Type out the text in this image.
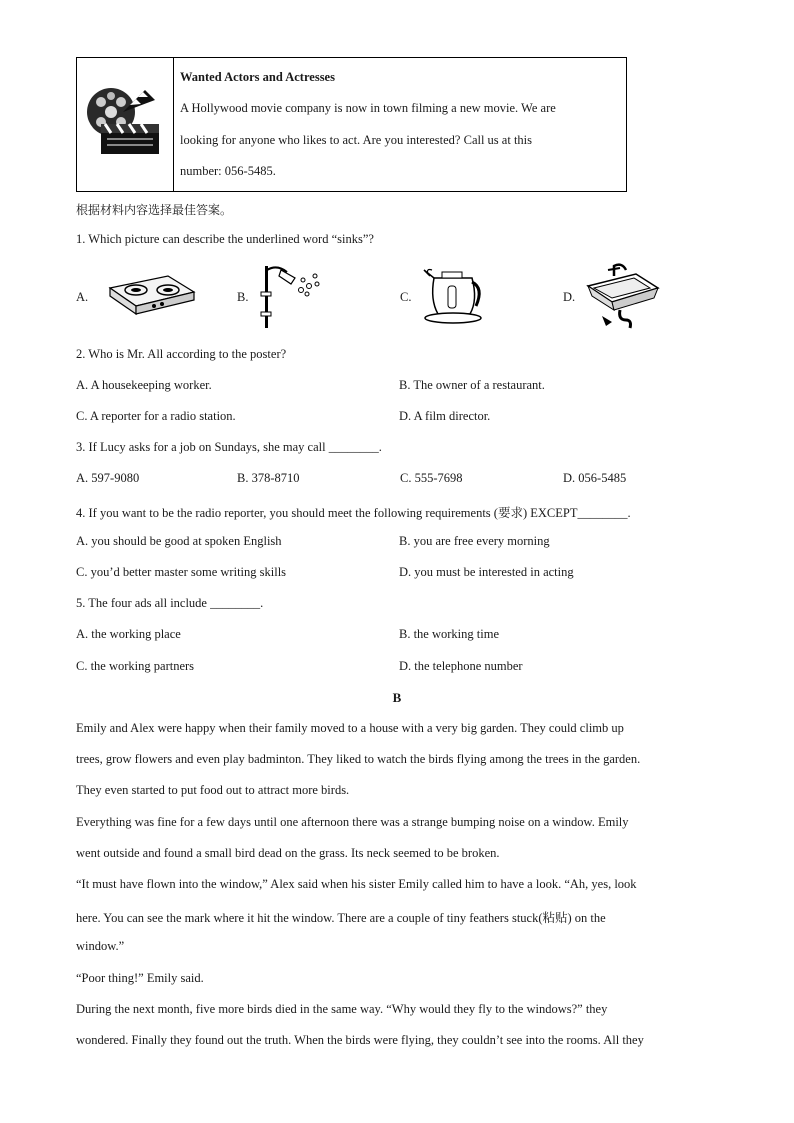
Wanted Actors and Actresses
A Hollywood movie company is now in town filming a new movie. We are
looking for anyone who likes to act. Are you interested? Call us at this
number: 056-5485.
根据材料内容选择最佳答案。
1. Which picture can describe the underlined word “sinks”?
A.	B.	C.	D.
2. Who is Mr. All according to the poster?
A. A housekeeping worker.	B. The owner of a restaurant.
C. A reporter for a radio station.	D. A film director.
3. If Lucy asks for a job on Sundays, she may call ________.
A. 597-9080	B. 378-8710	C. 555-7698	D. 056-5485
4. If you want to be the radio reporter, you should meet the following requirements (要求) EXCEPT________.
A. you should be good at spoken English	B. you are free every morning
C. you’d better master some writing skills	D. you must be interested in acting
5. The four ads all include ________.
A. the working place	B. the working time
C. the working partners	D. the telephone number
B
Emily and Alex were happy when their family moved to a house with a very big garden. They could climb up
trees, grow flowers and even play badminton. They liked to watch the birds flying among the trees in the garden.
They even started to put food out to attract more birds.
Everything was fine for a few days until one afternoon there was a strange bumping noise on a window. Emily
went outside and found a small bird dead on the grass. Its neck seemed to be broken.
“It must have flown into the window,” Alex said when his sister Emily called him to have a look. “Ah, yes, look
here. You can see the mark where it hit the window. There are a couple of tiny feathers stuck(粘贴) on the
window.”
“Poor thing!” Emily said.
During the next month, five more birds died in the same way. “Why would they fly to the windows?” they
wondered. Finally they found out the truth. When the birds were flying, they couldn’t see into the rooms. All they
